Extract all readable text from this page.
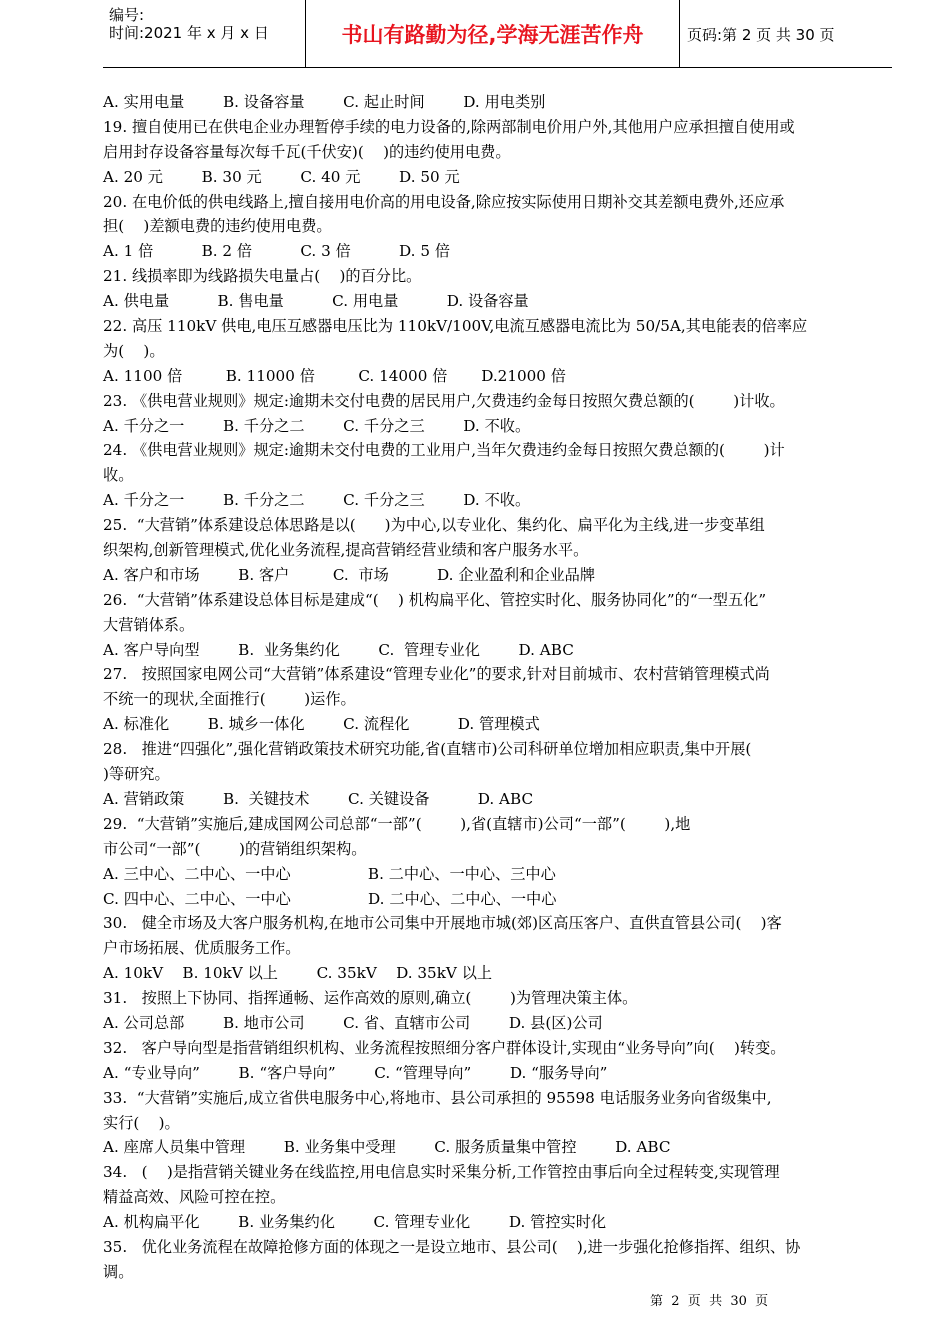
编号:
时间:2021 年 x 月 x 日	书山有路勤为径,学海无涯苦作舟	页码:第 2 页 共 30 页
A. 实用电量        B. 设备容量        C. 起止时间        D. 用电类别
19. 擅自使用已在供电企业办理暂停手续的电力设备的,除两部制电价用户外,其他用户应承担擅自使用或
启用封存设备容量每次每千瓦(千伏安)(    )的违约使用电费。
A. 20 元        B. 30 元        C. 40 元        D. 50 元
20. 在电价低的供电线路上,擅自接用电价高的用电设备,除应按实际使用日期补交其差额电费外,还应承
担(    )差额电费的违约使用电费。
A. 1 倍          B. 2 倍          C. 3 倍          D. 5 倍
21. 线损率即为线路损失电量占(    )的百分比。
A. 供电量          B. 售电量          C. 用电量          D. 设备容量
22. 高压 110kV 供电,电压互感器电压比为 110kV/100V,电流互感器电流比为 50/5A,其电能表的倍率应
为(    )。
A. 1100 倍         B. 11000 倍         C. 14000 倍       D.21000 倍
23. 《供电营业规则》规定:逾期未交付电费的居民用户,欠费违约金每日按照欠费总额的(        )计收。
A. 千分之一        B. 千分之二        C. 千分之三        D. 不收。
24. 《供电营业规则》规定:逾期未交付电费的工业用户,当年欠费违约金每日按照欠费总额的(        )计
收。
A. 千分之一        B. 千分之二        C. 千分之三        D. 不收。
25.  “大营销”体系建设总体思路是以(      )为中心,以专业化、集约化、扁平化为主线,进一步变革组
织架构,创新管理模式,优化业务流程,提高营销经营业绩和客户服务水平。
A. 客户和市场        B. 客户         C.  市场          D. 企业盈利和企业品牌
26.  “大营销”体系建设总体目标是建成“(    ) 机构扁平化、管控实时化、服务协同化”的“一型五化”
大营销体系。
A. 客户导向型        B.  业务集约化        C.  管理专业化        D. ABC
27.   按照国家电网公司“大营销”体系建设“管理专业化”的要求,针对目前城市、农村营销管理模式尚
不统一的现状,全面推行(        )运作。
A. 标准化        B. 城乡一体化        C. 流程化          D. 管理模式
28.   推进“四强化”,强化营销政策技术研究功能,省(直辖市)公司科研单位增加相应职责,集中开展(
)等研究。
A. 营销政策        B.  关键技术        C. 关键设备          D. ABC
29.  “大营销”实施后,建成国网公司总部“一部”(        ),省(直辖市)公司“一部”(        ),地
市公司“一部”(        )的营销组织架构。
A. 三中心、二中心、一中心                B. 二中心、一中心、三中心
C. 四中心、二中心、一中心                D. 二中心、二中心、一中心
30.   健全市场及大客户服务机构,在地市公司集中开展地市城(郊)区高压客户、直供直管县公司(    )客
户市场拓展、优质服务工作。
A. 10kV    B. 10kV 以上        C. 35kV    D. 35kV 以上
31.   按照上下协同、指挥通畅、运作高效的原则,确立(        )为管理决策主体。
A. 公司总部        B. 地市公司        C. 省、直辖市公司        D. 县(区)公司
32.   客户导向型是指营销组织机构、业务流程按照细分客户群体设计,实现由“业务导向”向(    )转变。
A. “专业导向”        B. “客户导向”        C. “管理导向”        D. “服务导向”
33.  “大营销”实施后,成立省供电服务中心,将地市、县公司承担的 95598 电话服务业务向省级集中,
实行(    )。
A. 座席人员集中管理        B. 业务集中受理        C. 服务质量集中管控        D. ABC
34.   (    )是指营销关键业务在线监控,用电信息实时采集分析,工作管控由事后向全过程转变,实现管理
精益高效、风险可控在控。
A. 机构扁平化        B. 业务集约化        C. 管理专业化        D. 管控实时化
35.   优化业务流程在故障抢修方面的体现之一是设立地市、县公司(    ),进一步强化抢修指挥、组织、协
调。
第  2  页  共  30  页
